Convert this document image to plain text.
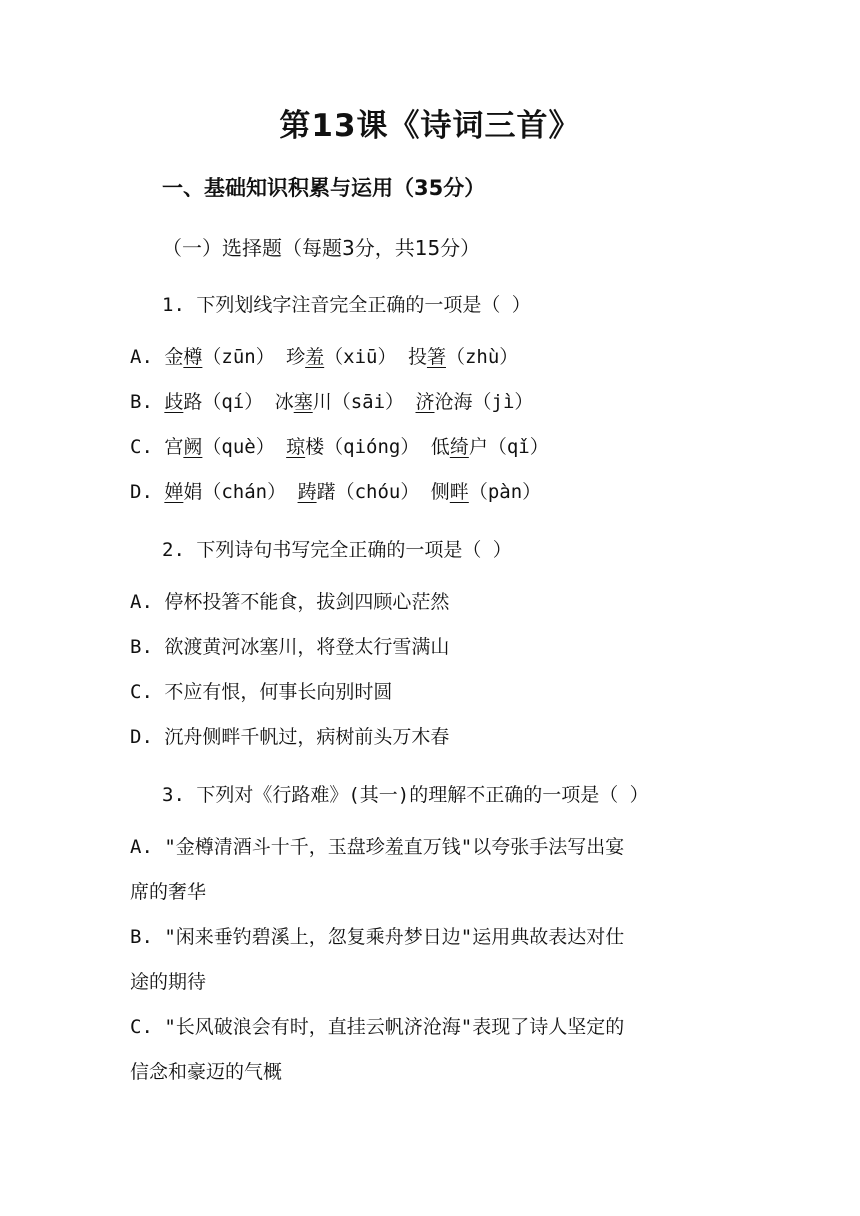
第13课《诗词三首》
一、基础知识积累与运用（35分）
（一）选择题（每题3分，共15分）
1. 下列划线字注音完全正确的一项是（ ）
A. 金樽（zūn） 珍羞（xiū） 投箸（zhù）
B. 歧路（qí） 冰塞川（sāi） 济沧海（jì）
C. 宫阙（què） 琼楼（qióng） 低绮户（qǐ）
D. 婵娟（chán） 踌躇（chóu） 侧畔（pàn）
2. 下列诗句书写完全正确的一项是（ ）
A. 停杯投箸不能食，拔剑四顾心茫然
B. 欲渡黄河冰塞川，将登太行雪满山
C. 不应有恨，何事长向别时圆
D. 沉舟侧畔千帆过，病树前头万木春
3. 下列对《行路难》(其一)的理解不正确的一项是（ ）
A. "金樽清酒斗十千，玉盘珍羞直万钱"以夸张手法写出宴
席的奢华
B. "闲来垂钓碧溪上，忽复乘舟梦日边"运用典故表达对仕
途的期待
C. "长风破浪会有时，直挂云帆济沧海"表现了诗人坚定的
信念和豪迈的气概
